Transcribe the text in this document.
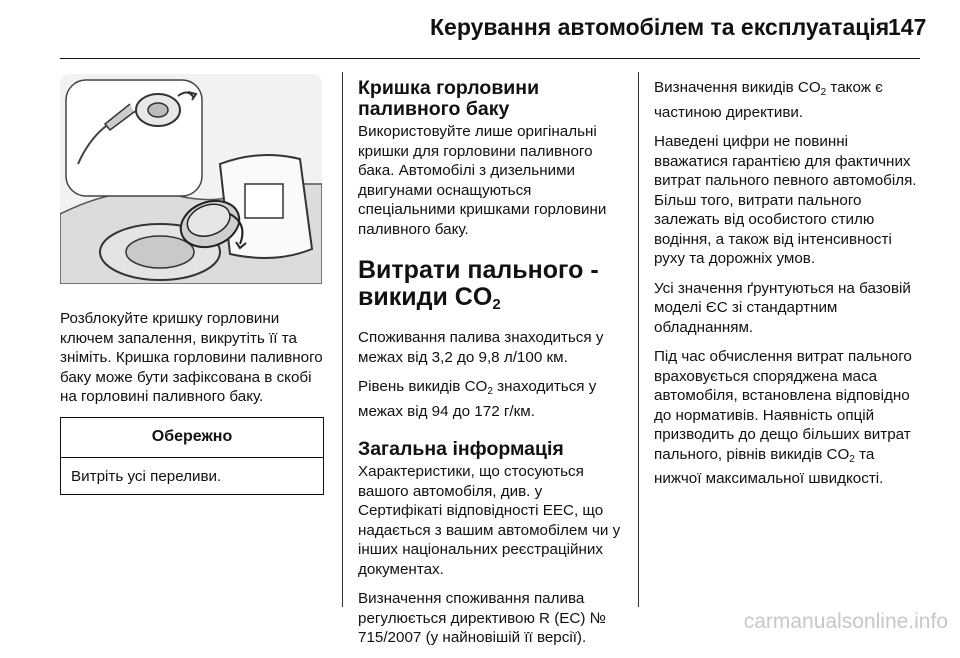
Керування автомобілем та експлуатація
147

Розблокуйте кришку горловини ключем запалення, викрутіть її та зніміть. Кришка горловини паливного баку може бути зафіксована в скобі на горловині паливного баку.

Обережно
Витріть усі переливи.
Кришка горловини паливного баку

Використовуйте лише оригінальні кришки для горловини паливного бака. Автомобілі з дизельними двигунами оснащуються спеціальними кришками горловини паливного баку.

Витрати пального - викиди $CO_2$

Споживання палива знаходиться у межах від 3,2 до 9,8 л/100 км.

Рівень викидів $CO_2$ знаходиться у межах від 94 до 172 г/км.

Загальна інформація

Характеристики, що стосуються вашого автомобіля, див. у Сертифікаті відповідності ЕЕС, що надається з вашим автомобілем чи у інших національних реєстраційних документах.

Визначення споживання палива регулюється директивою R (EC) № 715/2007 (у найновішій її версії).

Визначення викидів $CO_2$ також є частиною директиви.

Наведені цифри не повинні вважатися гарантією для фактичних витрат пального певного автомобіля. Більш того, витрати пального залежать від особистого стилю водіння, а також від інтенсивності руху та дорожніх умов.

Усі значення ґрунтуються на базовій моделі ЄС зі стандартним обладнанням.

Під час обчислення витрат пального враховується споряджена маса автомобіля, встановлена відповідно до нормативів. Наявність опцій призводить до дещо більших витрат пального, рівнів викидів $CO_2$ та нижчої максимальної швидкості.

carmanualsonline.info
